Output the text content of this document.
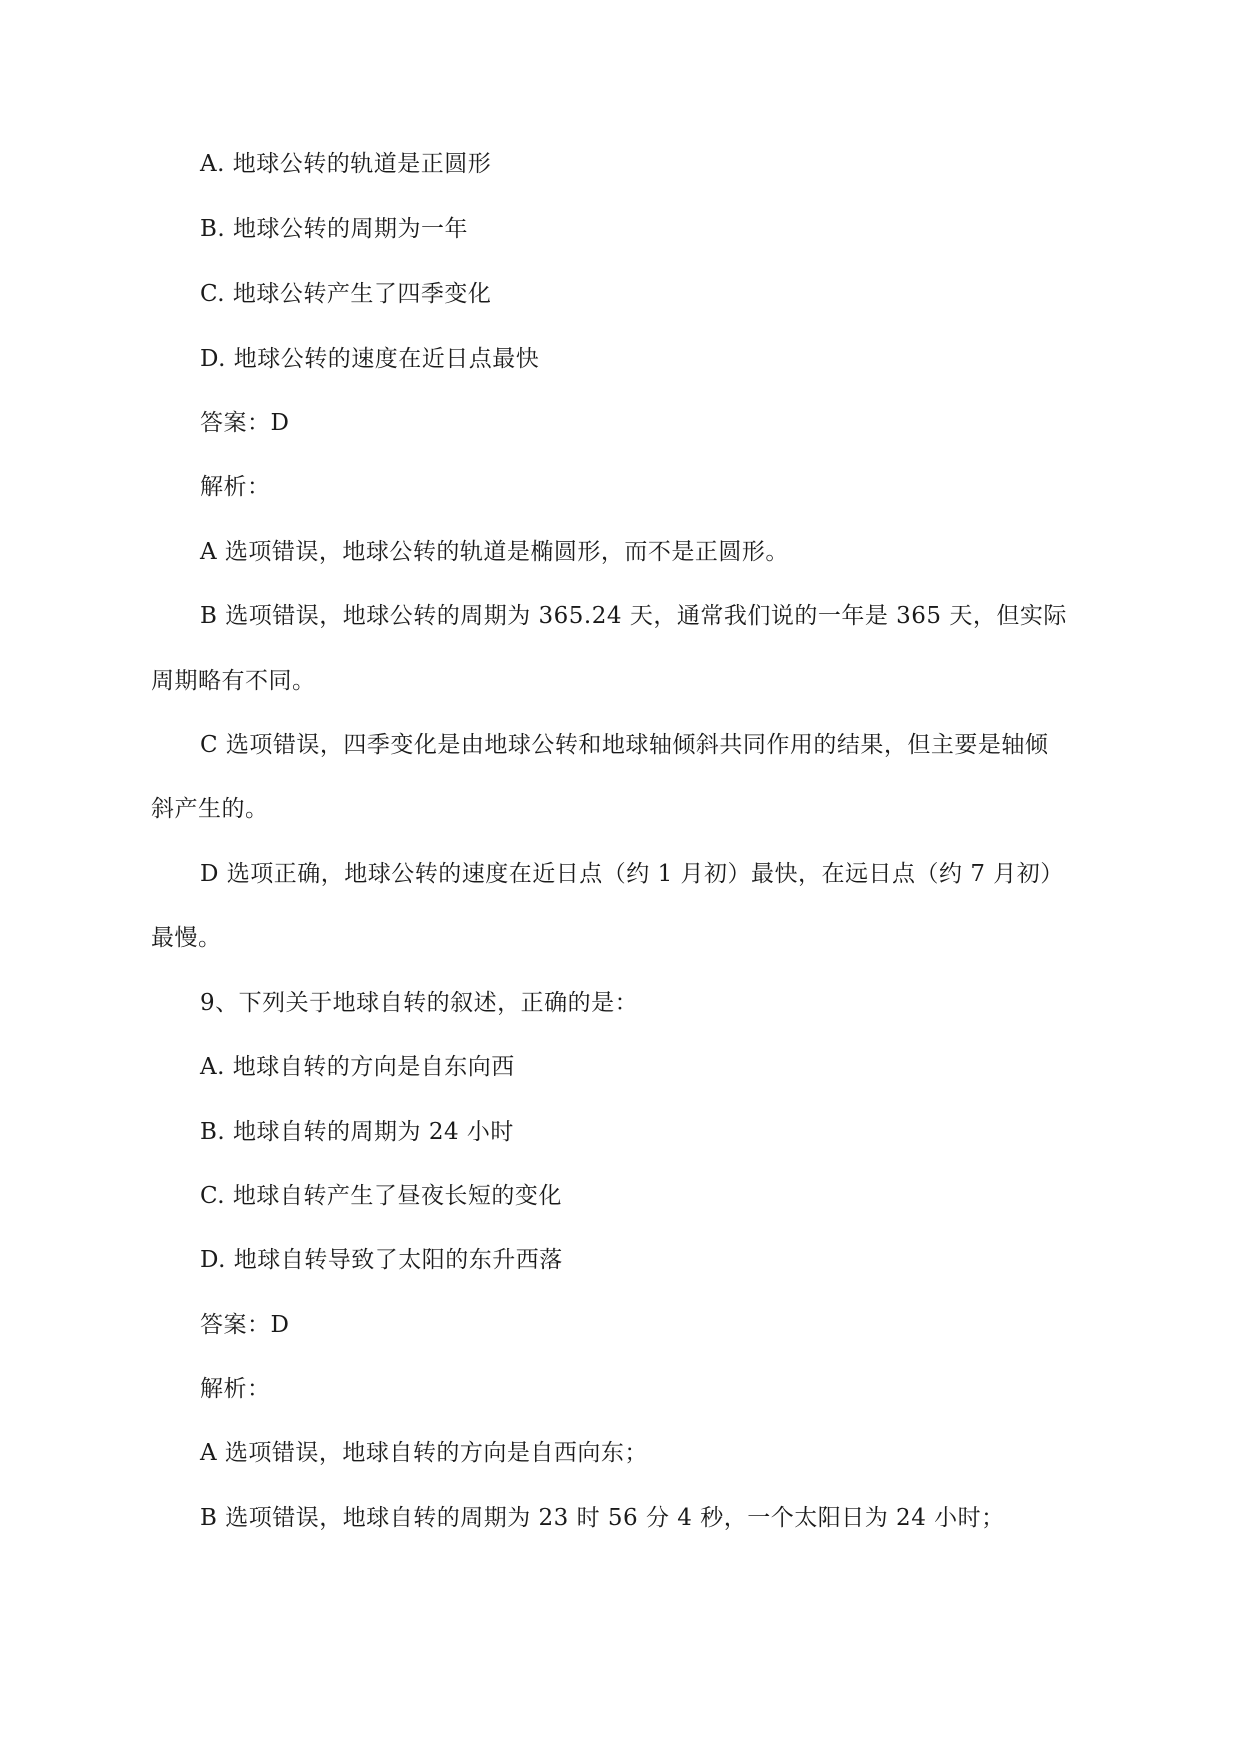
A. 地球公转的轨道是正圆形

B. 地球公转的周期为一年

C. 地球公转产生了四季变化

D. 地球公转的速度在近日点最快

答案：D

解析：

A 选项错误，地球公转的轨道是椭圆形，而不是正圆形。

B 选项错误，地球公转的周期为 365.24 天，通常我们说的一年是 365 天，但实际

周期略有不同。

C 选项错误，四季变化是由地球公转和地球轴倾斜共同作用的结果，但主要是轴倾

斜产生的。

D 选项正确，地球公转的速度在近日点（约 1 月初）最快，在远日点（约 7 月初）

最慢。

9、下列关于地球自转的叙述，正确的是：

A. 地球自转的方向是自东向西

B. 地球自转的周期为 24 小时

C. 地球自转产生了昼夜长短的变化

D. 地球自转导致了太阳的东升西落

答案：D

解析：

A 选项错误，地球自转的方向是自西向东；

B 选项错误，地球自转的周期为 23 时 56 分 4 秒，一个太阳日为 24 小时；
